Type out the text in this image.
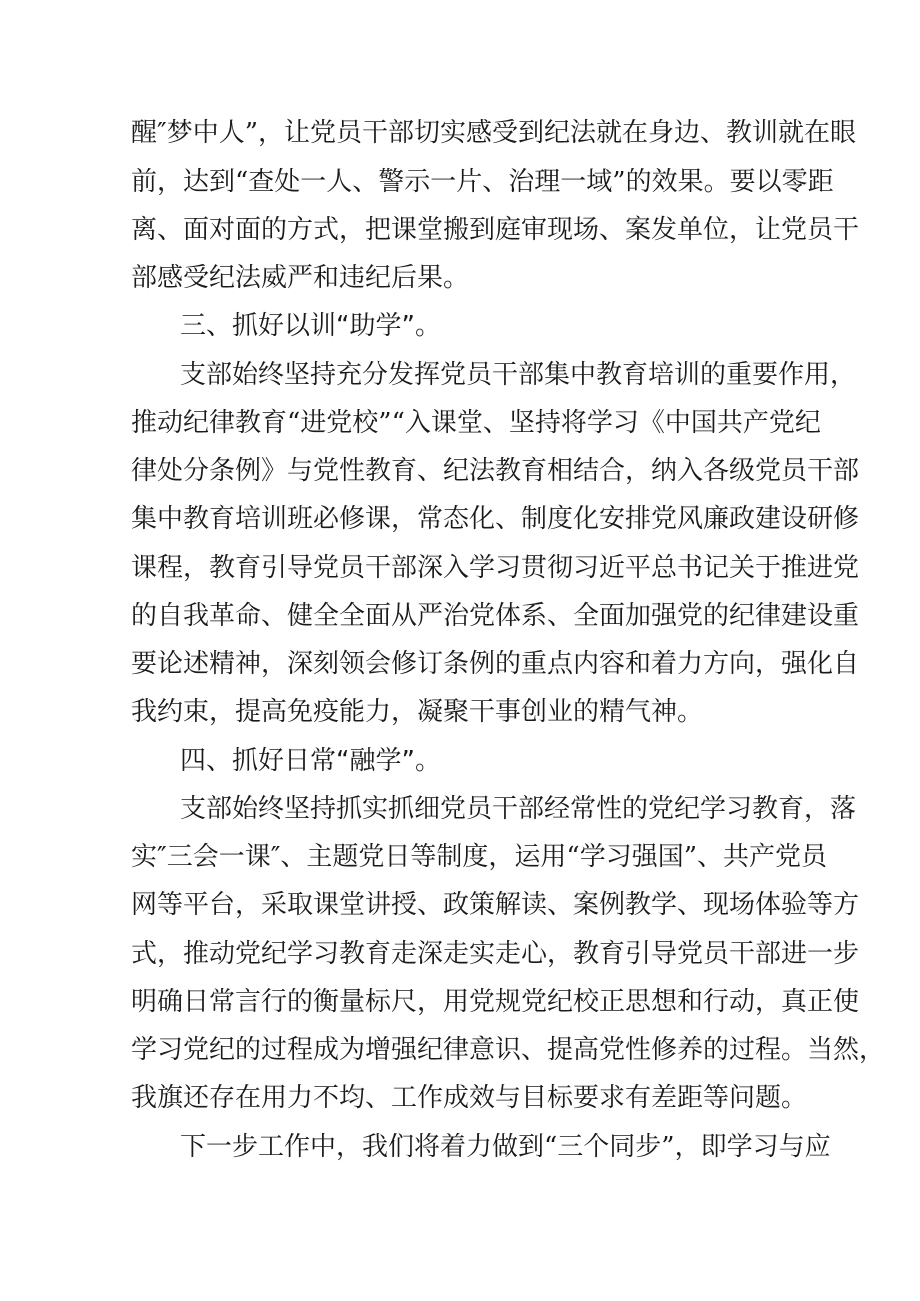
醒″梦中人”，让党员干部切实感受到纪法就在身边、教训就在眼

前，达到“查处一人、警示一片、治理一域”的效果。要以零距

离、面对面的方式，把课堂搬到庭审现场、案发单位，让党员干

部感受纪法威严和违纪后果。

三、抓好以训“助学”。

支部始终坚持充分发挥党员干部集中教育培训的重要作用，

推动纪律教育“进党校”“入课堂、坚持将学习《中国共产党纪

律处分条例》与党性教育、纪法教育相结合，纳入各级党员干部

集中教育培训班必修课，常态化、制度化安排党风廉政建设研修

课程，教育引导党员干部深入学习贯彻习近平总书记关于推进党

的自我革命、健全全面从严治党体系、全面加强党的纪律建设重

要论述精神，深刻领会修订条例的重点内容和着力方向，强化自

我约束，提高免疫能力，凝聚干事创业的精气神。

四、抓好日常“融学”。

支部始终坚持抓实抓细党员干部经常性的党纪学习教育，落

实″三会一课″、主题党日等制度，运用“学习强国”、共产党员

网等平台，采取课堂讲授、政策解读、案例教学、现场体验等方

式，推动党纪学习教育走深走实走心，教育引导党员干部进一步

明确日常言行的衡量标尺，用党规党纪校正思想和行动，真正使

学习党纪的过程成为增强纪律意识、提高党性修养的过程。当然，

我旗还存在用力不均、工作成效与目标要求有差距等问题。

下一步工作中，我们将着力做到“三个同步”，即学习与应
